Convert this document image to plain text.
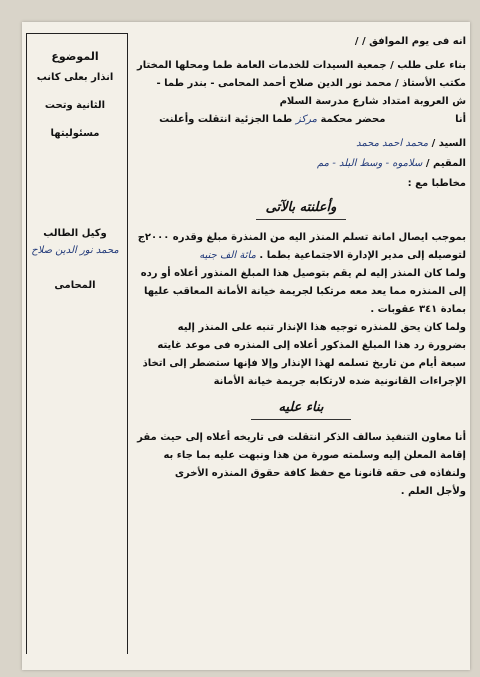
الموضوع
انذار بعلى كانب
الثانية وتحت
مسئوليتها
وكيل الطالب
محمد نور الدين صلاح
المحامى
انه فى يوم الموافق / /
بناء على طلب / جمعية السيدات للخدمات العامة طما ومحلها المختار
مكتب الأستاذ / محمد نور الدين صلاح أحمد المحامى - بندر طما -
ش العروبة امتداد شارع مدرسة السلام
أنا                    محضر محكمة مركز طما الجزئية انتقلت وأعلنت
السيد / محمد احمد محمد
المقيم / سلاموه - وسط البلد - مم
مخاطبا مع :
وأعلنته بالآتى
بموجب ايصال امانة تسلم المنذر اليه من المنذرة مبلغ وقدره ٢٠٠٠ج
لتوصيله إلى مدير الإدارة الاجتماعية بطما . مائة الف جنيه
ولما كان المنذر إليه لم يقم بتوصيل هذا المبلغ المنذور أعلاه أو رده
إلى المنذره مما يعد معه مرتكبا لجريمة خيانة الأمانة المعاقب عليها
بمادة ٣٤١ عقوبات .
ولما كان يحق للمنذره توجيه هذا الإنذار تنبه على المنذر إليه
بضرورة رد هذا المبلغ المذكور أعلاه إلى المنذره فى موعد غايته
سبعة أيام من تاريخ تسلمه لهذا الإنذار وإلا فإنها ستضطر إلى اتخاذ
الإجراءات القانونية ضده لارتكابه جريمة خيانة الأمانة
بناء عليه
أنا معاون التنفيذ سالف الذكر انتقلت فى تاريخه أعلاه إلى حيث مقر
إقامة المعلن إليه وسلمته صورة من هذا ونبهت عليه بما جاء به
ولنفاذه فى حقه قانونا مع حفظ كافة حقوق المنذره الأخرى
ولأجل العلم .
